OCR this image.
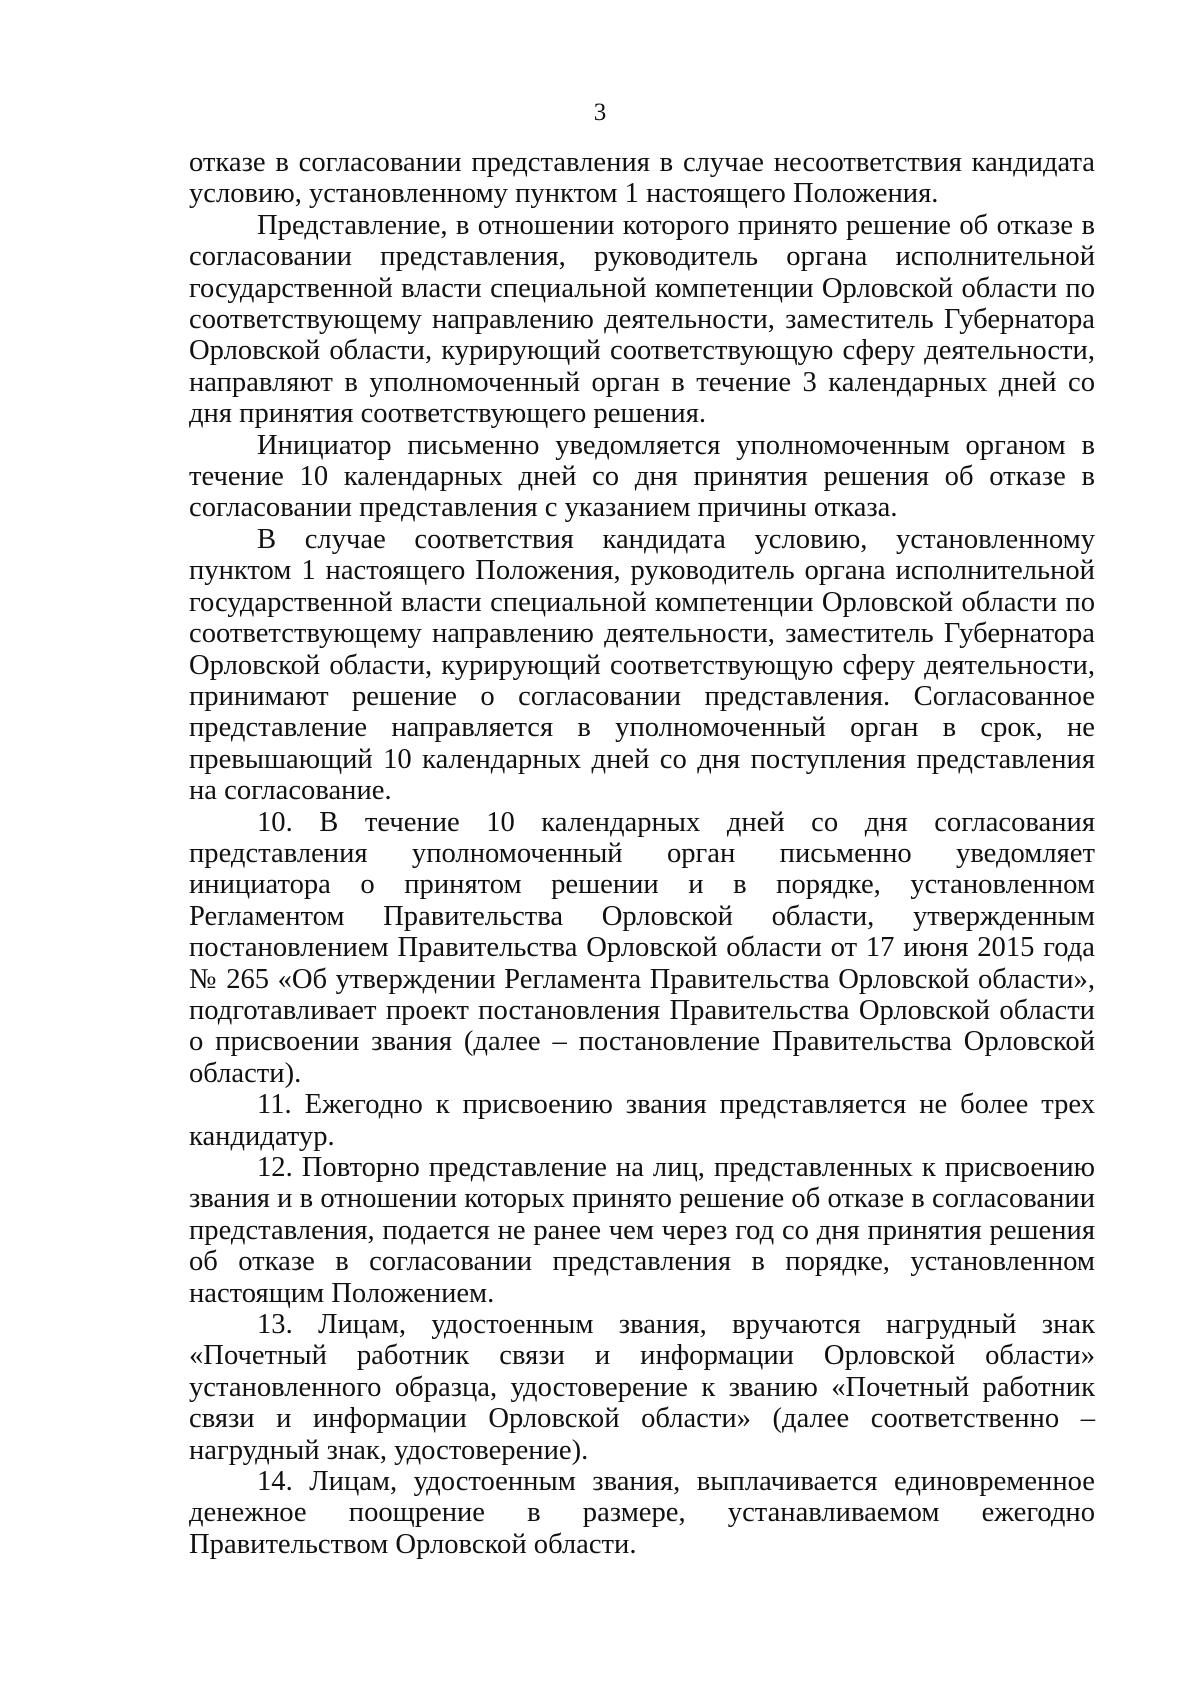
3

отказе в согласовании представления в случае несоответствия кандидата условию, установленному пунктом 1 настоящего Положения.

Представление, в отношении которого принято решение об отказе в согласовании представления, руководитель органа исполнительной государственной власти специальной компетенции Орловской области по соответствующему направлению деятельности, заместитель Губернатора Орловской области, курирующий соответствующую сферу деятельности, направляют в уполномоченный орган в течение 3 календарных дней со дня принятия соответствующего решения.

Инициатор письменно уведомляется уполномоченным органом в течение 10 календарных дней со дня принятия решения об отказе в согласовании представления с указанием причины отказа.

В случае соответствия кандидата условию, установленному пунктом 1 настоящего Положения, руководитель органа исполнительной государственной власти специальной компетенции Орловской области по соответствующему направлению деятельности, заместитель Губернатора Орловской области, курирующий соответствующую сферу деятельности, принимают решение о согласовании представления. Согласованное представление направляется в уполномоченный орган в срок, не превышающий 10 календарных дней со дня поступления представления на согласование.

10. В течение 10 календарных дней со дня согласования представления уполномоченный орган письменно уведомляет инициатора о принятом решении и в порядке, установленном Регламентом Правительства Орловской области, утвержденным постановлением Правительства Орловской области от 17 июня 2015 года № 265 «Об утверждении Регламента Правительства Орловской области», подготавливает проект постановления Правительства Орловской области о присвоении звания (далее – постановление Правительства Орловской области).

11. Ежегодно к присвоению звания представляется не более трех кандидатур.

12. Повторно представление на лиц, представленных к присвоению звания и в отношении которых принято решение об отказе в согласовании представления, подается не ранее чем через год со дня принятия решения об отказе в согласовании представления в порядке, установленном настоящим Положением.

13. Лицам, удостоенным звания, вручаются нагрудный знак «Почетный работник связи и информации Орловской области» установленного образца, удостоверение к званию «Почетный работник связи и информации Орловской области» (далее соответственно – нагрудный знак, удостоверение).

14. Лицам, удостоенным звания, выплачивается единовременное денежное поощрение в размере, устанавливаемом ежегодно Правительством Орловской области.
